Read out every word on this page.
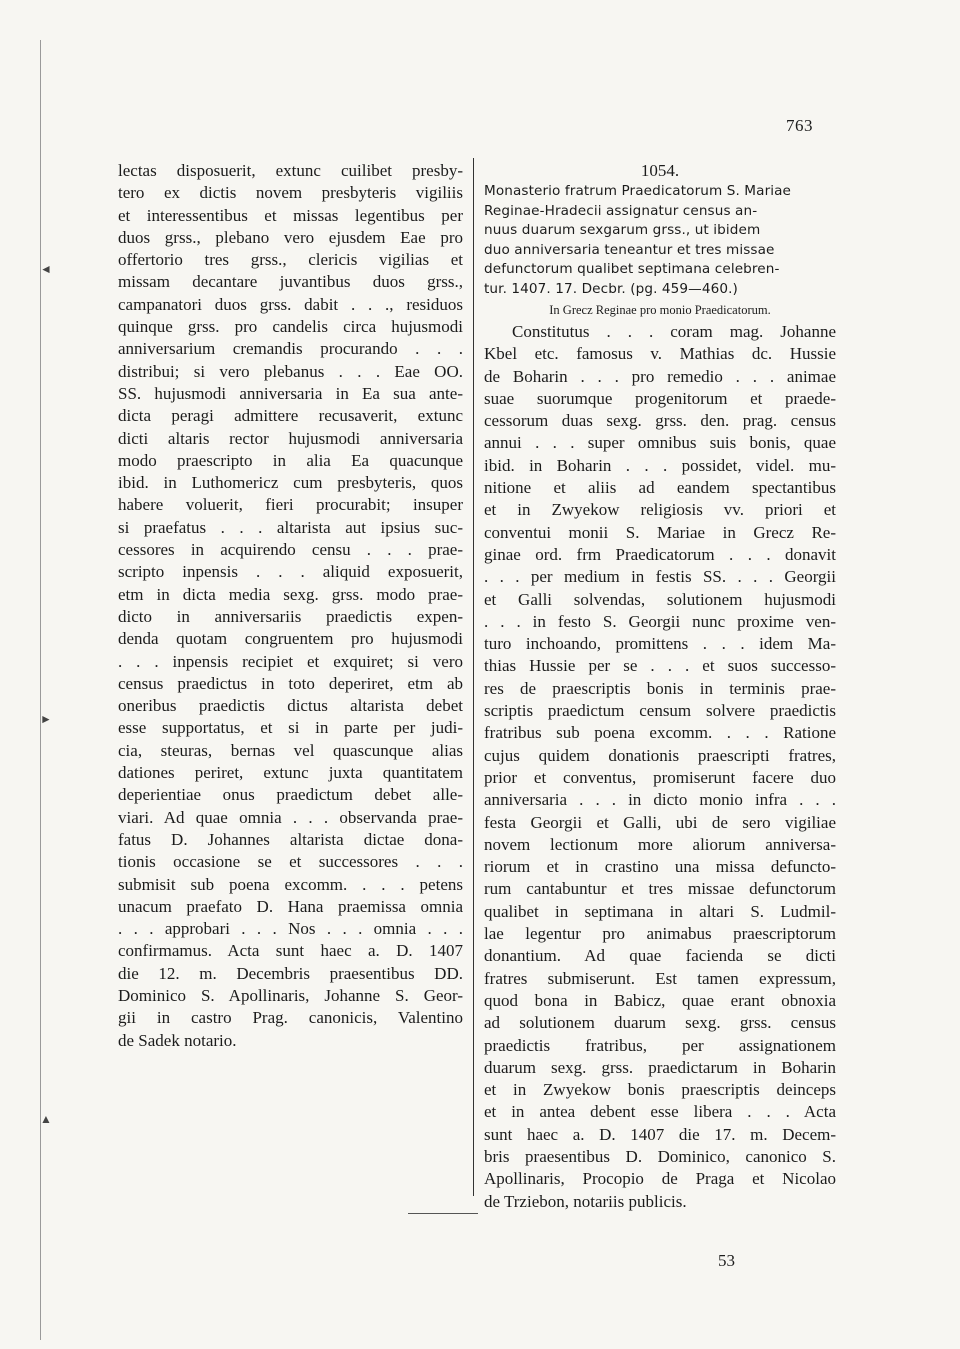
◄
►
▲
763
lectas disposuerit, extunc cuilibet presby-
tero ex dictis novem presbyteris vigiliis
et interessentibus et missas legentibus per
duos grss., plebano vero ejusdem Eae pro
offertorio tres grss., clericis vigilias et
missam decantare juvantibus duos grss.,
campanatori duos grss. dabit . . ., residuos
quinque grss. pro candelis circa hujusmodi
anniversarium cremandis procurando . . .
distribui; si vero plebanus . . . Eae OO.
SS. hujusmodi anniversaria in Ea sua ante-
dicta peragi admittere recusaverit, extunc
dicti altaris rector hujusmodi anniversaria
modo praescripto in alia Ea quacunque
ibid. in Luthomericz cum presbyteris, quos
habere voluerit, fieri procurabit; insuper
si praefatus . . . altarista aut ipsius suc-
cessores in acquirendo censu . . . prae-
scripto inpensis . . . aliquid exposuerit,
etm in dicta media sexg. grss. modo prae-
dicto in anniversariis praedictis expen-
denda quotam congruentem pro hujusmodi
. . . inpensis recipiet et exquiret; si vero
census praedictus in toto deperiret, etm ab
oneribus praedictis dictus altarista debet
esse supportatus, et si in parte per judi-
cia, steuras, bernas vel quascunque alias
dationes periret, extunc juxta quantitatem
deperientiae onus praedictum debet alle-
viari. Ad quae omnia . . . observanda prae-
fatus D. Johannes altarista dictae dona-
tionis occasione se et successores . . .
submisit sub poena excomm. . . . petens
unacum praefato D. Hana praemissa omnia
. . . approbari . . . Nos . . . omnia . . .
confirmamus. Acta sunt haec a. D. 1407
die 12. m. Decembris praesentibus DD.
Dominico S. Apollinaris, Johanne S. Geor-
gii in castro Prag. canonicis, Valentino
de Sadek notario.
1054.
Monasterio fratrum Praedicatorum S. Mariae
Reginae-Hradecii assignatur census an-
nuus duarum sexgarum grss., ut ibidem
duo anniversaria teneantur et tres missae
defunctorum qualibet septimana celebren-
tur. 1407. 17. Decbr. (pg. 459—460.)
In Grecz Reginae pro monio Praedicatorum.
Constitutus . . . coram mag. Johanne
Kbel etc. famosus v. Mathias dc. Hussie
de Boharin . . . pro remedio . . . animae
suae suorumque progenitorum et praede-
cessorum duas sexg. grss. den. prag. census
annui . . . super omnibus suis bonis, quae
ibid. in Boharin . . . possidet, videl. mu-
nitione et aliis ad eandem spectantibus
et in Zwyekow religiosis vv. priori et
conventui monii S. Mariae in Grecz Re-
ginae ord. frm Praedicatorum . . . donavit
. . . per medium in festis SS. . . . Georgii
et Galli solvendas, solutionem hujusmodi
. . . in festo S. Georgii nunc proxime ven-
turo inchoando, promittens . . . idem Ma-
thias Hussie per se . . . et suos successo-
res de praescriptis bonis in terminis prae-
scriptis praedictum censum solvere praedictis
fratribus sub poena excomm. . . . Ratione
cujus quidem donationis praescripti fratres,
prior et conventus, promiserunt facere duo
anniversaria . . . in dicto monio infra . . .
festa Georgii et Galli, ubi de sero vigiliae
novem lectionum more aliorum anniversa-
riorum et in crastino una missa defuncto-
rum cantabuntur et tres missae defunctorum
qualibet in septimana in altari S. Ludmil-
lae legentur pro animabus praescriptorum
donantium. Ad quae facienda se dicti
fratres submiserunt. Est tamen expressum,
quod bona in Babicz, quae erant obnoxia
ad solutionem duarum sexg. grss. census
praedictis fratribus, per assignationem
duarum sexg. grss. praedictarum in Boharin
et in Zwyekow bonis praescriptis deinceps
et in antea debent esse libera . . . Acta
sunt haec a. D. 1407 die 17. m. Decem-
bris praesentibus D. Dominico, canonico S.
Apollinaris, Procopio de Praga et Nicolao
de Trziebon, notariis publicis.
53
